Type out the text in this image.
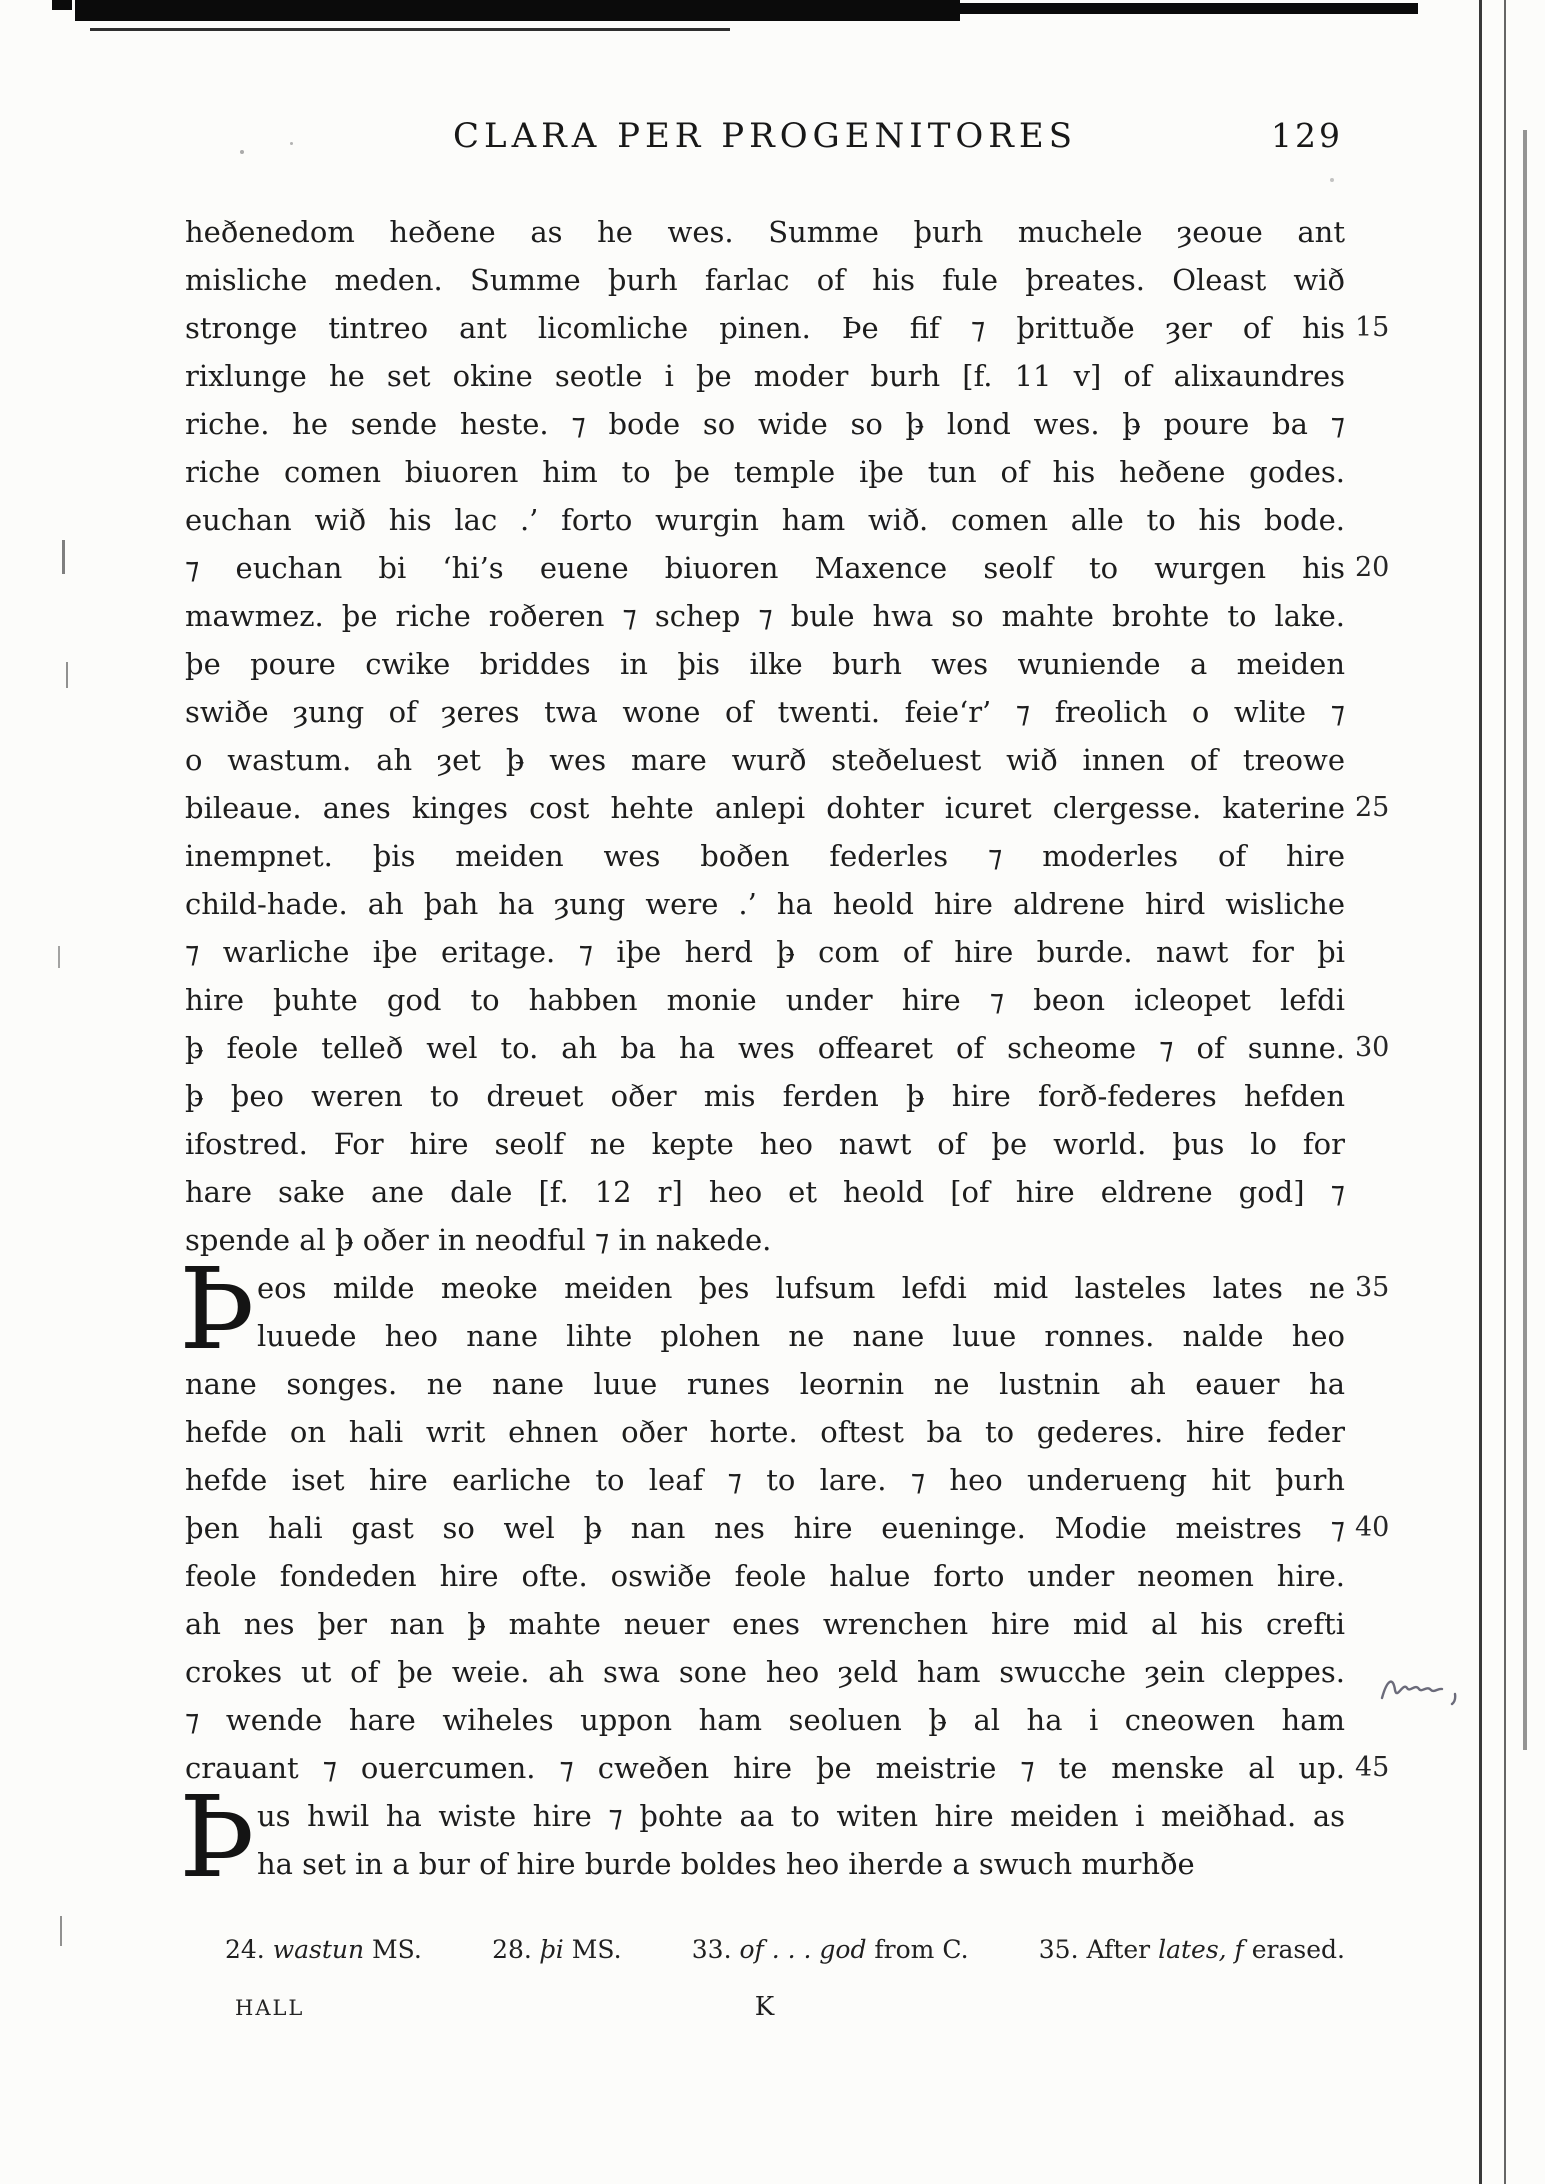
CLARA PER PROGENITORES	129
heðenedom heðene as he wes. Summe þurh muchele ȝeoue ant
misliche meden. Summe þurh farlac of his fule þreates. Oleast wið
stronge tintreo ant licomliche pinen. Þe fif ⁊ þrittuðe ȝer of his 15
rixlunge he set okine seotle i þe moder burh [f. 11 v] of alixaundres
riche. he sende heste. ⁊ bode so wide so þ̵ lond wes. þ̵ poure ba ⁊
riche comen biuoren him to þe temple iþe tun of his heðene godes.
euchan wið his lac .’ forto wurgin ham wið. comen alle to his bode.
⁊ euchan bi ‘hi’s euene biuoren Maxence seolf to wurgen his 20
mawmez. þe riche roðeren ⁊ schep ⁊ bule hwa so mahte brohte to lake.
þe poure cwike briddes in þis ilke burh wes wuniende a meiden
swiðe ȝung of ȝeres twa wone of twenti. feie‘r’ ⁊ freolich o wlite ⁊
o wastum. ah ȝet þ̵ wes mare wurð steðeluest wið innen of treowe
bileaue. anes kinges cost hehte anlepi dohter icuret clergesse. katerine 25
inempnet. þis meiden wes boðen federles ⁊ moderles of hire
child-hade. ah þah ha ȝung were .’ ha heold hire aldrene hird wisliche
⁊ warliche iþe eritage. ⁊ iþe herd þ̵ com of hire burde. nawt for þi
hire þuhte god to habben monie under hire ⁊ beon icleopet lefdi
þ̵ feole telleð wel to. ah ba ha wes offearet of scheome ⁊ of sunne. 30
þ̵ þeo weren to dreuet oðer mis ferden þ̵ hire forð-federes hefden
ifostred. For hire seolf ne kepte heo nawt of þe world. þus lo for
hare sake ane dale [f. 12 r] heo et heold [of hire eldrene god] ⁊
spende al þ̵ oðer in neodful ⁊ in nakede.
Þ eos milde meoke meiden þes lufsum lefdi mid lasteles lates ne 35
luuede heo nane lihte plohen ne nane luue ronnes. nalde heo
nane songes. ne nane luue runes leornin ne lustnin ah eauer ha
hefde on hali writ ehnen oðer horte. oftest ba to gederes. hire feder
hefde iset hire earliche to leaf ⁊ to lare. ⁊ heo underueng hit þurh
þen hali gast so wel þ̵ nan nes hire eueninge. Modie meistres ⁊ 40
feole fondeden hire ofte. oswiðe feole halue forto under neomen hire.
ah nes þer nan þ̵ mahte neuer enes wrenchen hire mid al his crefti
crokes ut of þe weie. ah swa sone heo ȝeld ham swucche ȝein cleppes.
⁊ wende hare wiheles uppon ham seoluen þ̵ al ha i cneowen ham
crauant ⁊ ouercumen. ⁊ cweðen hire þe meistrie ⁊ te menske al up. 45
Þ us hwil ha wiste hire ⁊ þohte aa to witen hire meiden i meiðhad. as
ha set in a bur of hire burde boldes heo iherde a swuch murhðe
24. wastun MS.	28. þi MS.	33. of . . . god from C.	35. After lates, f erased.
HALL	K
